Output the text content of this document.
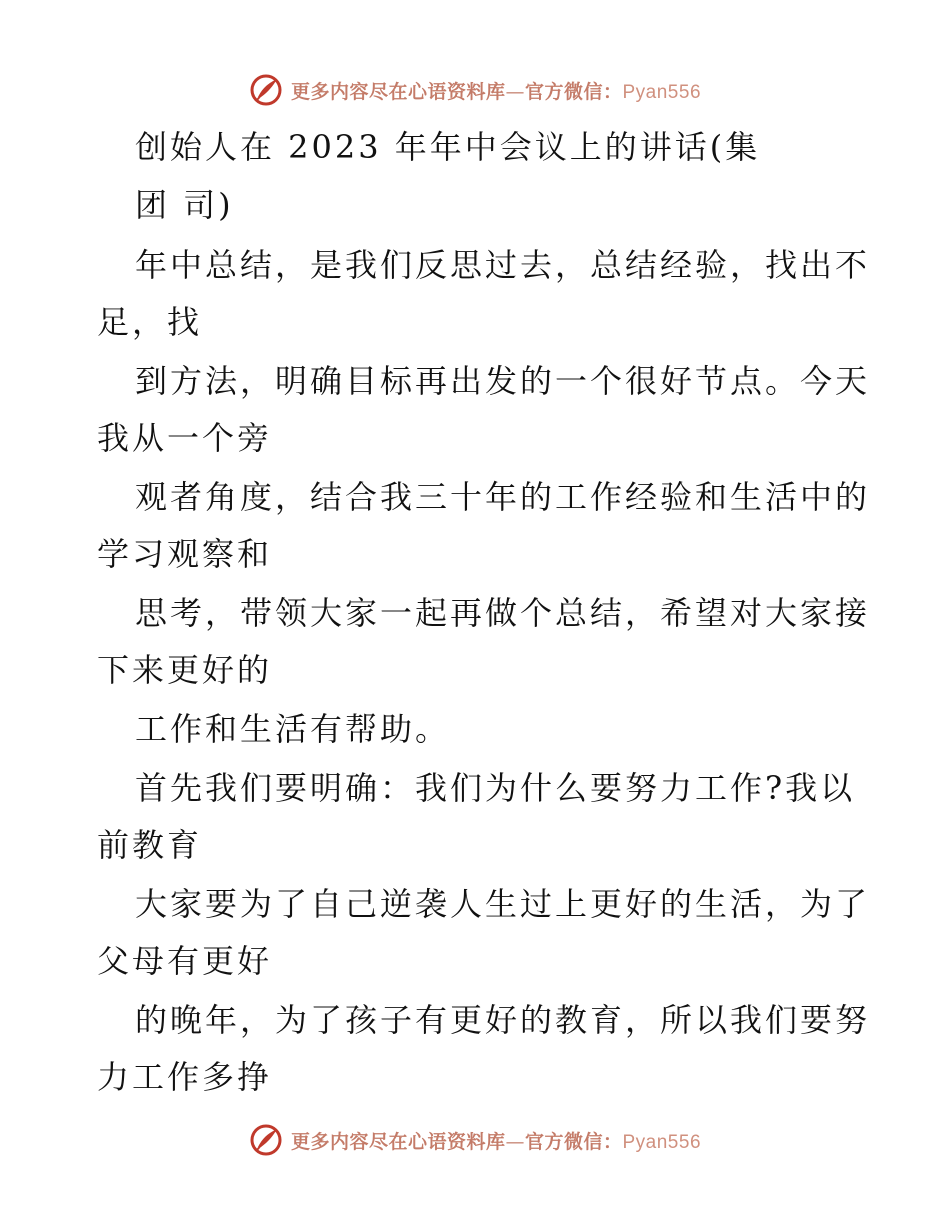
更多内容尽在心语资料库—官方微信：Pyan556
创始人在 2023 年年中会议上的讲话(集
团 司)
年中总结，是我们反思过去，总结经验，找出不
足，找
到方法，明确目标再出发的一个很好节点。今天
我从一个旁
观者角度，结合我三十年的工作经验和生活中的
学习观察和
思考，带领大家一起再做个总结，希望对大家接
下来更好的
工作和生活有帮助。
首先我们要明确：我们为什么要努力工作?我以
前教育
大家要为了自己逆袭人生过上更好的生活，为了
父母有更好
的晚年，为了孩子有更好的教育，所以我们要努
力工作多挣
更多内容尽在心语资料库—官方微信：Pyan556
